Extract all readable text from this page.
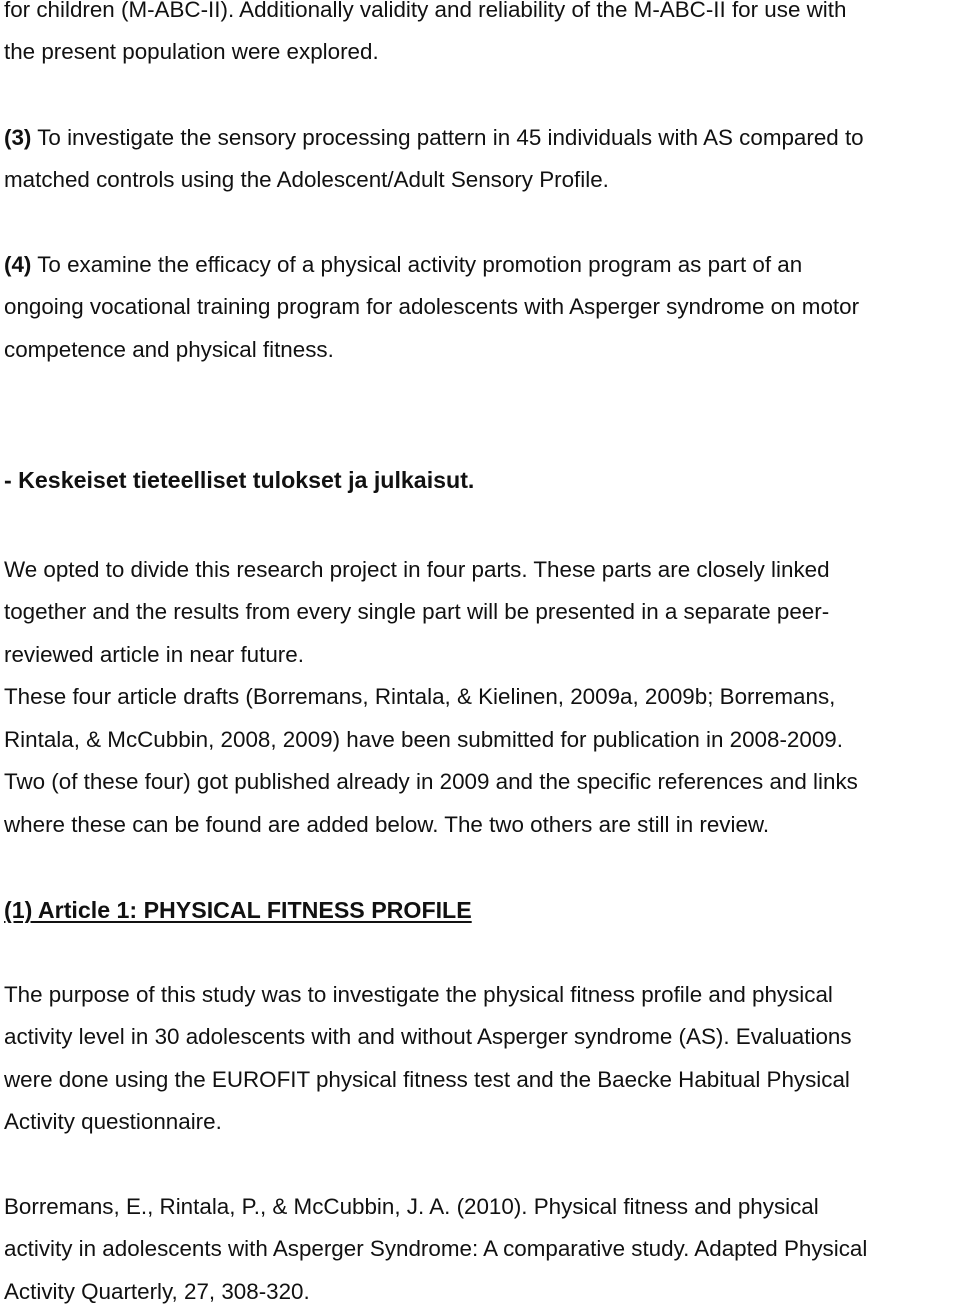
for children (M-ABC-II). Additionally validity and reliability of the M-ABC-II for use with
the present population were explored.
(3) To investigate the sensory processing pattern in 45 individuals with AS compared to
matched controls using the Adolescent/Adult Sensory Profile.
(4) To examine the efficacy of a physical activity promotion program as part of an
ongoing vocational training program for adolescents with Asperger syndrome on motor
competence and physical fitness.
- Keskeiset tieteelliset tulokset ja julkaisut.
We opted to divide this research project in four parts. These parts are closely linked
together and the results from every single part will be presented in a separate peer-
reviewed article in near future.
These four article drafts (Borremans, Rintala, & Kielinen, 2009a, 2009b; Borremans,
Rintala, & McCubbin, 2008, 2009) have been submitted for publication in 2008-2009.
Two (of these four) got published already in 2009 and the specific references and links
where these can be found are added below. The two others are still in review.
(1) Article 1: PHYSICAL FITNESS PROFILE
The purpose of this study was to investigate the physical fitness profile and physical
activity level in 30 adolescents with and without Asperger syndrome (AS). Evaluations
were done using the EUROFIT physical fitness test and the Baecke Habitual Physical
Activity questionnaire.
Borremans, E., Rintala, P., & McCubbin, J. A. (2010). Physical fitness and physical
activity in adolescents with Asperger Syndrome: A comparative study. Adapted Physical
Activity Quarterly, 27, 308-320.
